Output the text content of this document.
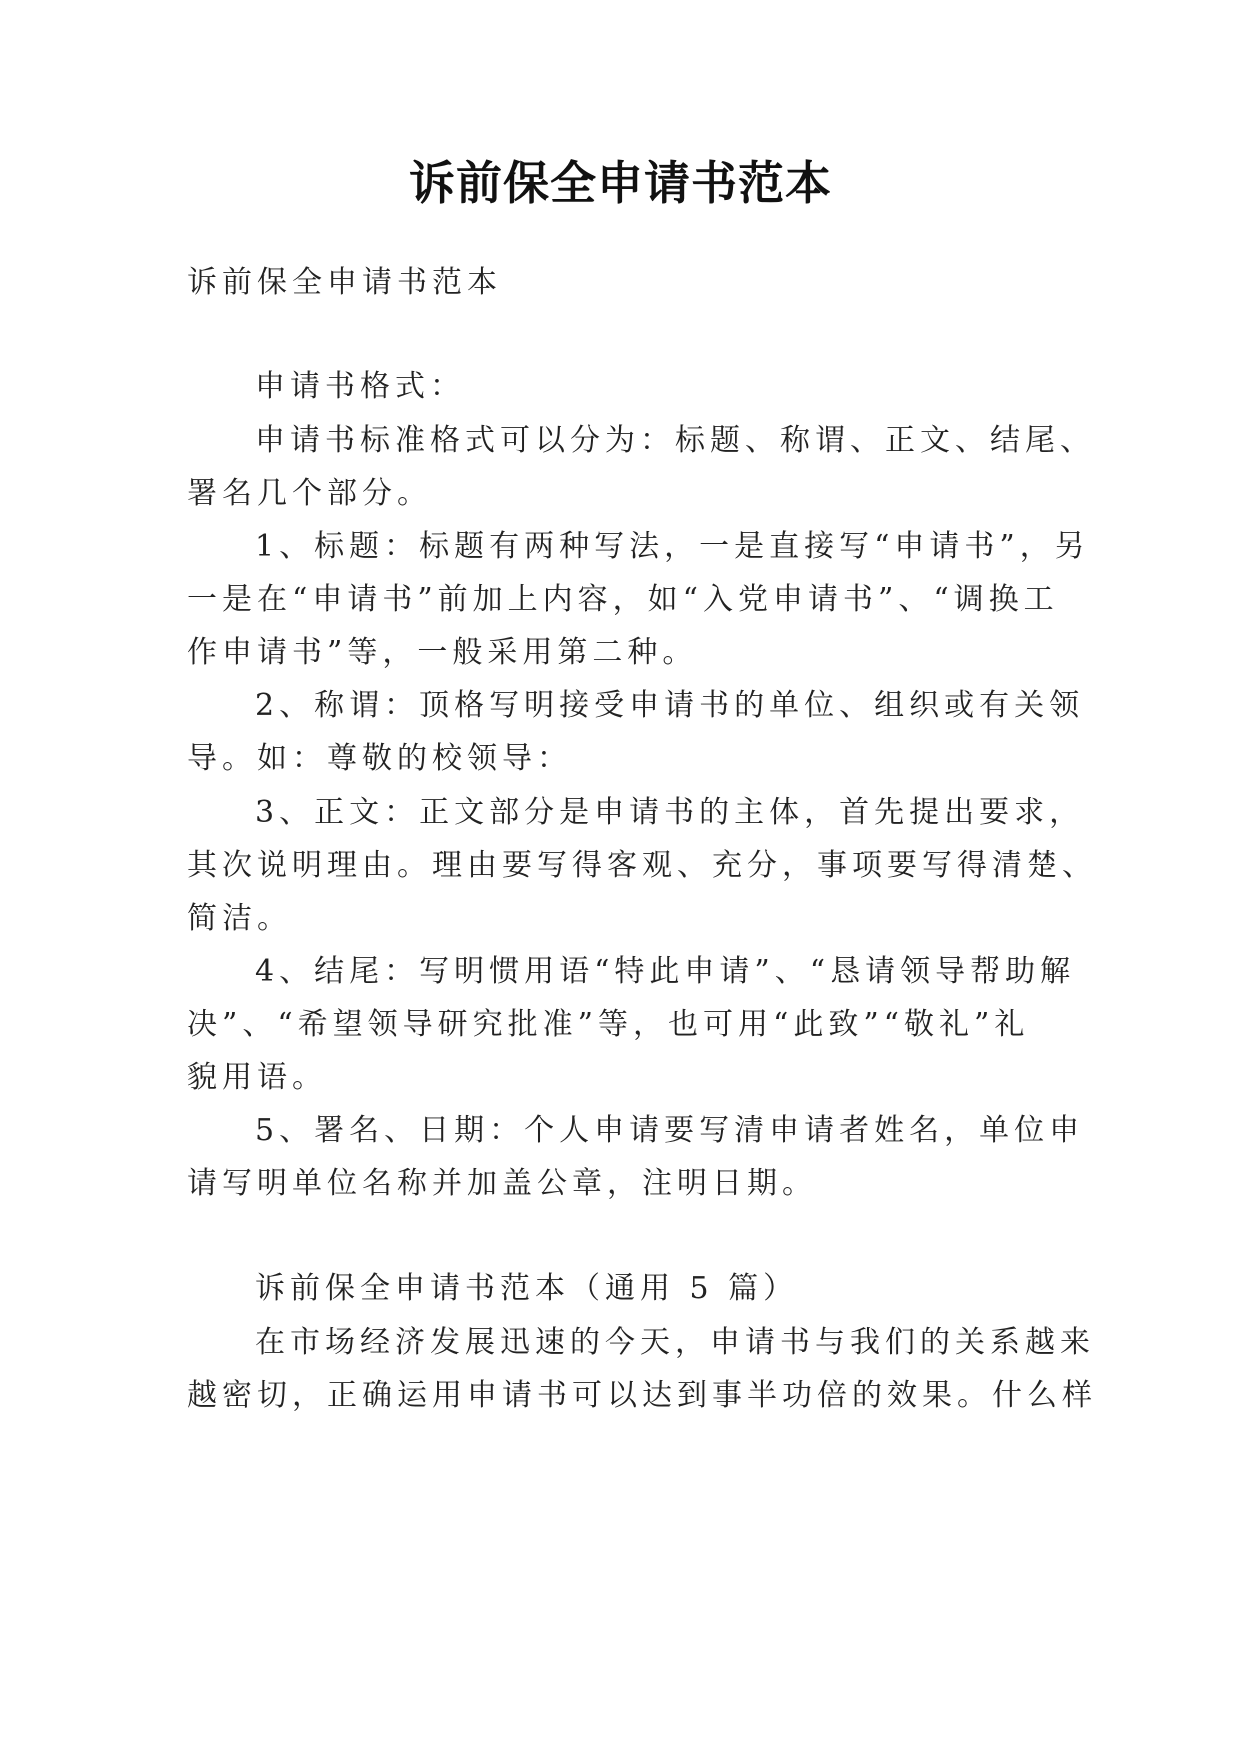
诉前保全申请书范本

诉前保全申请书范本

申请书格式：

申请书标准格式可以分为：标题、称谓、正文、结尾、

署名几个部分。

1、标题：标题有两种写法，一是直接写“申请书”，另

一是在“申请书”前加上内容，如“入党申请书”、“调换工

作申请书”等，一般采用第二种。

2、称谓：顶格写明接受申请书的单位、组织或有关领

导。如：尊敬的校领导：

3、正文：正文部分是申请书的主体，首先提出要求，

其次说明理由。理由要写得客观、充分，事项要写得清楚、

简洁。

4、结尾：写明惯用语“特此申请”、“恳请领导帮助解

决”、“希望领导研究批准”等，也可用“此致”“敬礼”礼

貌用语。

5、署名、日期：个人申请要写清申请者姓名，单位申

请写明单位名称并加盖公章，注明日期。

诉前保全申请书范本（通用 5 篇）

在市场经济发展迅速的今天，申请书与我们的关系越来

越密切，正确运用申请书可以达到事半功倍的效果。什么样
